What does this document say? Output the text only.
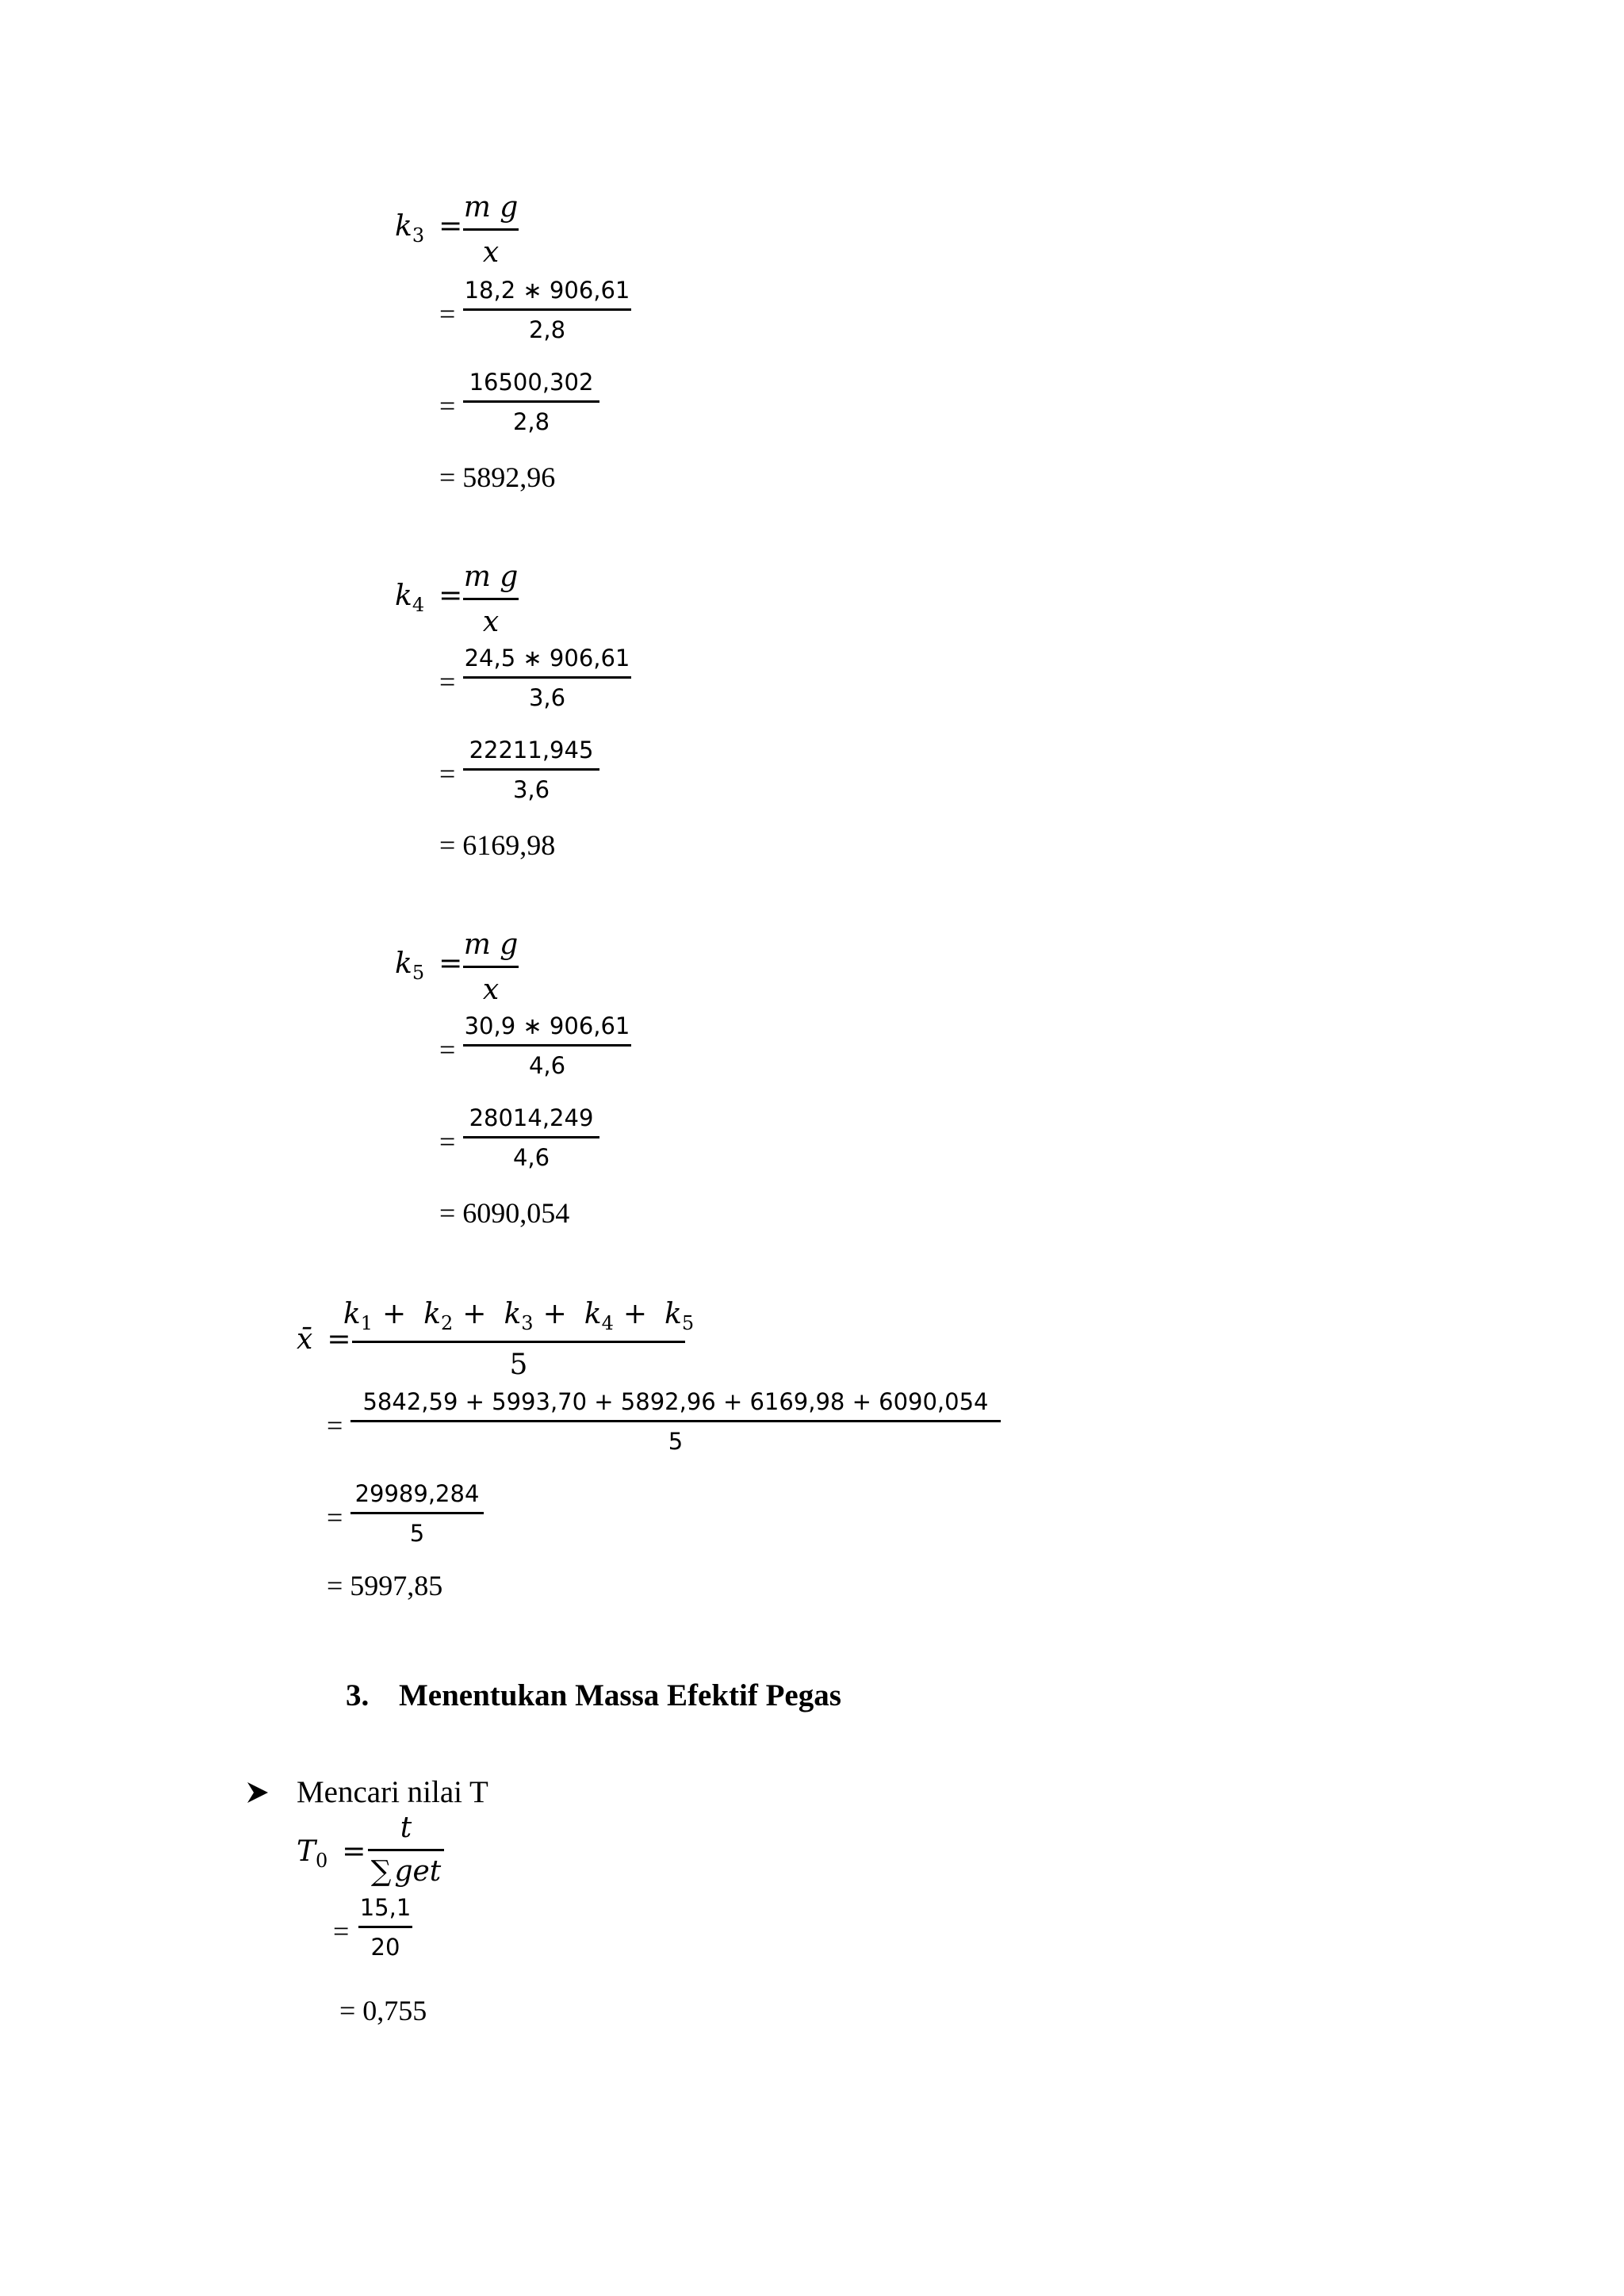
k3 =
m g
x
=
18,2 ∗ 906,61
2,8
=
16500,302
2,8
= 5892,96
k4 =
m g
x
=
24,5 ∗ 906,61
3,6
=
22211,945
3,6
= 6169,98
k5 =
m g
x
=
30,9 ∗ 906,61
4,6
=
28014,249
4,6
= 6090,054
x̄ =
k1 + k2 + k3 + k4 + k5
5
=
5842,59 + 5993,70 + 5892,96 + 6169,98 + 6090,054
5
=
29989,284
5
= 5997,85
3. Menentukan Massa Efektif Pegas
Mencari nilai T
T0 =
t
∑ get
=
15,1
20
= 0,755
